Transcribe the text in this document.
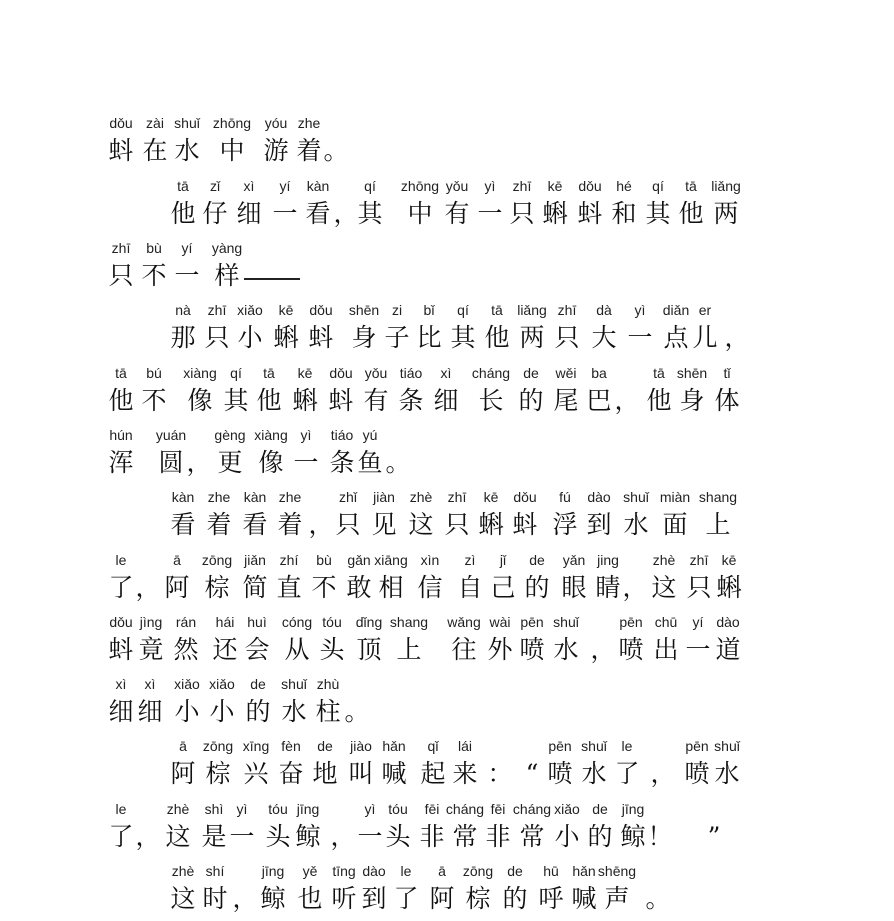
dǒu
蚪
zài
在
shuǐ
水
zhōng
中
yóu
游
zhe
着 。
tā
他
zǐ
仔
xì
细
yí
一
kàn
看 ，
qí
其
zhōng
中
yǒu
有
yì
一
zhī
只
kē
蝌
dǒu
蚪
hé
和
qí
其
tā
他
liǎng
两
zhī
只
bù
不
yí
一
yàng
样
nà
那
zhī
只
xiǎo
小
kē
蝌
dǒu
蚪
shēn
身
zi
子
bǐ
比
qí
其
tā
他
liǎng
两
zhī
只
dà
大
yì
一
diǎn
点
er
儿 ，
tā
他
bú
不
xiàng
像
qí
其
tā
他
kē
蝌
dǒu
蚪
yǒu
有
tiáo
条
xì
细
cháng
长
de
的
wěi
尾
ba
巴 ，
tā
他
shēn
身
tǐ
体
hún
浑
yuán
圆 ，
gèng
更
xiàng
像
yì
一
tiáo
条
yú
鱼 。
kàn
看
zhe
着
kàn
看
zhe
着 ，
zhǐ
只
jiàn
见
zhè
这
zhī
只
kē
蝌
dǒu
蚪
fú
浮
dào
到
shuǐ
水
miàn
面
shang
上
le
了 ，
ā
阿
zōng
棕
jiǎn
简
zhí
直
bù
不
gǎn
敢
xiāng
相
xìn
信
zì
自
jǐ
己
de
的
yǎn
眼
jing
睛 ，
zhè
这
zhī
只
kē
蝌
dǒu
蚪
jìng
竟
rán
然
hái
还
huì
会
cóng
从
tóu
头
dǐng
顶
shang
上
wǎng
往
wài
外
pēn
喷
shuǐ
水 ，
pēn
喷
chū
出
yí
一
dào
道
xì
细
xì
细
xiǎo
小
xiǎo
小
de
的
shuǐ
水
zhù
柱 。
ā
阿
zōng
棕
xīng
兴
fèn
奋
de
地
jiào
叫
hǎn
喊
qǐ
起
lái
来 ： “
pēn
喷
shuǐ
水
le
了 ，
pēn
喷
shuǐ
水
le
了 ，
zhè
这
shì
是
yì
一
tóu
头
jīng
鲸 ，
yì
一
tóu
头
fēi
非
cháng
常
fēi
非
cháng
常
xiǎo
小
de
的
jīng
鲸 ！	”
zhè
这
shí
时 ，
jīng
鲸
yě
也
tīng
听
dào
到
le
了
ā
阿
zōng
棕
de
的
hū
呼
hǎn
喊
shēng
声 。
